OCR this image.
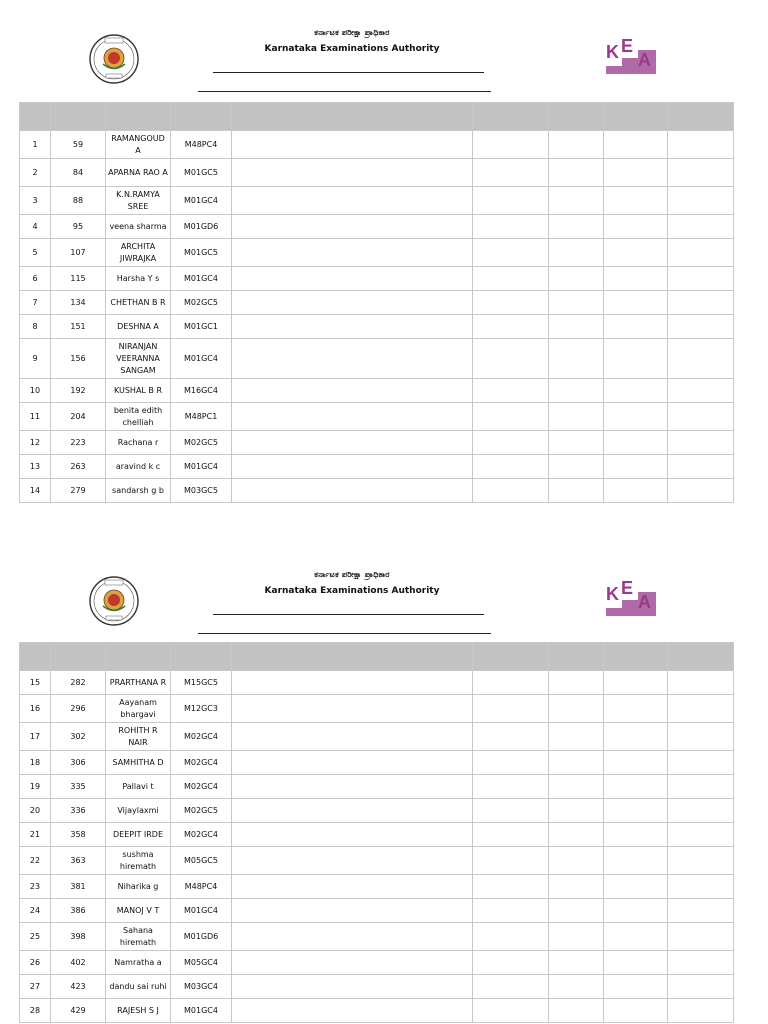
ಕರ್ನಾಟಕ ಪರೀಕ್ಷಾ ಪ್ರಾಧಿಕಾರ
Karnataka Examinations Authority	K E
A

1	59	RAMANGOUD A	M48PC4					
2	84	APARNA RAO A	M01GC5					
3	88	K.N.RAMYA SREE	M01GC4					
4	95	veena sharma	M01GD6					
5	107	ARCHITA JIWRAJKA	M01GC5					
6	115	Harsha Y s	M01GC4					
7	134	CHETHAN B R	M02GC5					
8	151	DESHNA A	M01GC1					
9	156	NIRANJAN VEERANNA SANGAM	M01GC4					
10	192	KUSHAL B R	M16GC4					
11	204	benita edith chelliah	M48PC1					
12	223	Rachana r	M02GC5					
13	263	aravind k c	M01GC4					
14	279	sandarsh g b	M03GC5					
ಕರ್ನಾಟಕ ಪರೀಕ್ಷಾ ಪ್ರಾಧಿಕಾರ
Karnataka Examinations Authority	K E
A

15	282	PRARTHANA R	M15GC5					
16	296	Aayanam bhargavi	M12GC3					
17	302	ROHITH R NAIR	M02GC4					
18	306	SAMHITHA D	M02GC4					
19	335	Pallavi t	M02GC4					
20	336	Vijaylaxmi	M02GC5					
21	358	DEEPIT IRDE	M02GC4					
22	363	sushma hiremath	M05GC5					
23	381	Niharika g	M48PC4					
24	386	MANOJ V T	M01GC4					
25	398	Sahana hiremath	M01GD6					
26	402	Namratha a	M05GC4					
27	423	dandu sai ruhi	M03GC4					
28	429	RAJESH S J	M01GC4					
